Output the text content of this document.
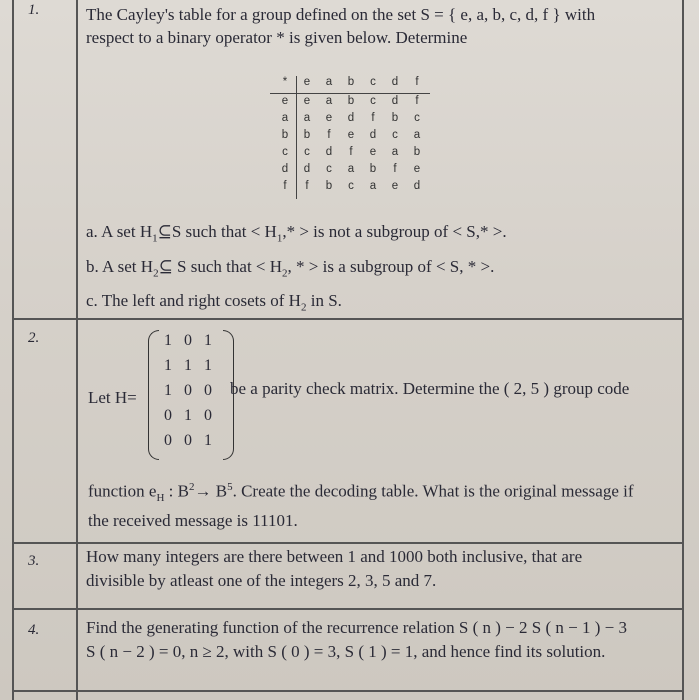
1.	The Cayley's table for a group defined on the set S = { e, a, b, c, d, f } with
respect to a binary operator * is given below. Determine
*	e	a	b	c	d	f
e	e	a	b	c	d	f
a	a	e	d	f	b	c
b	b	f	e	d	c	a
c	c	d	f	e	a	b
d	d	c	a	b	f	e
f	f	b	c	a	e	d
a. A set $H_1⊆S$ such that < $H_1,*$ > is not a subgroup of < S,* >.
b. A set $H_2⊆$ S such that < $H_2$, * > is a subgroup of < S, * >.
c. The left and right cosets of $H_2$ in S.
2.
Let H=
1 0 1
1 1 1
1 0 0
0 1 0
0 0 1
be a parity check matrix. Determine the ( 2, 5 ) group code
function $e_H$ : $B^2\to B^5$. Create the decoding table. What is the original message if
the received message is 11101.
3.	How many integers are there between 1 and 1000 both inclusive, that are
divisible by atleast one of the integers 2, 3, 5 and 7.
4.	Find the generating function of the recurrence relation S ( n ) − 2 S ( n − 1 ) − 3
S ( n − 2 ) = 0, n ≥ 2, with S ( 0 ) = 3, S ( 1 ) = 1, and hence find its solution.
